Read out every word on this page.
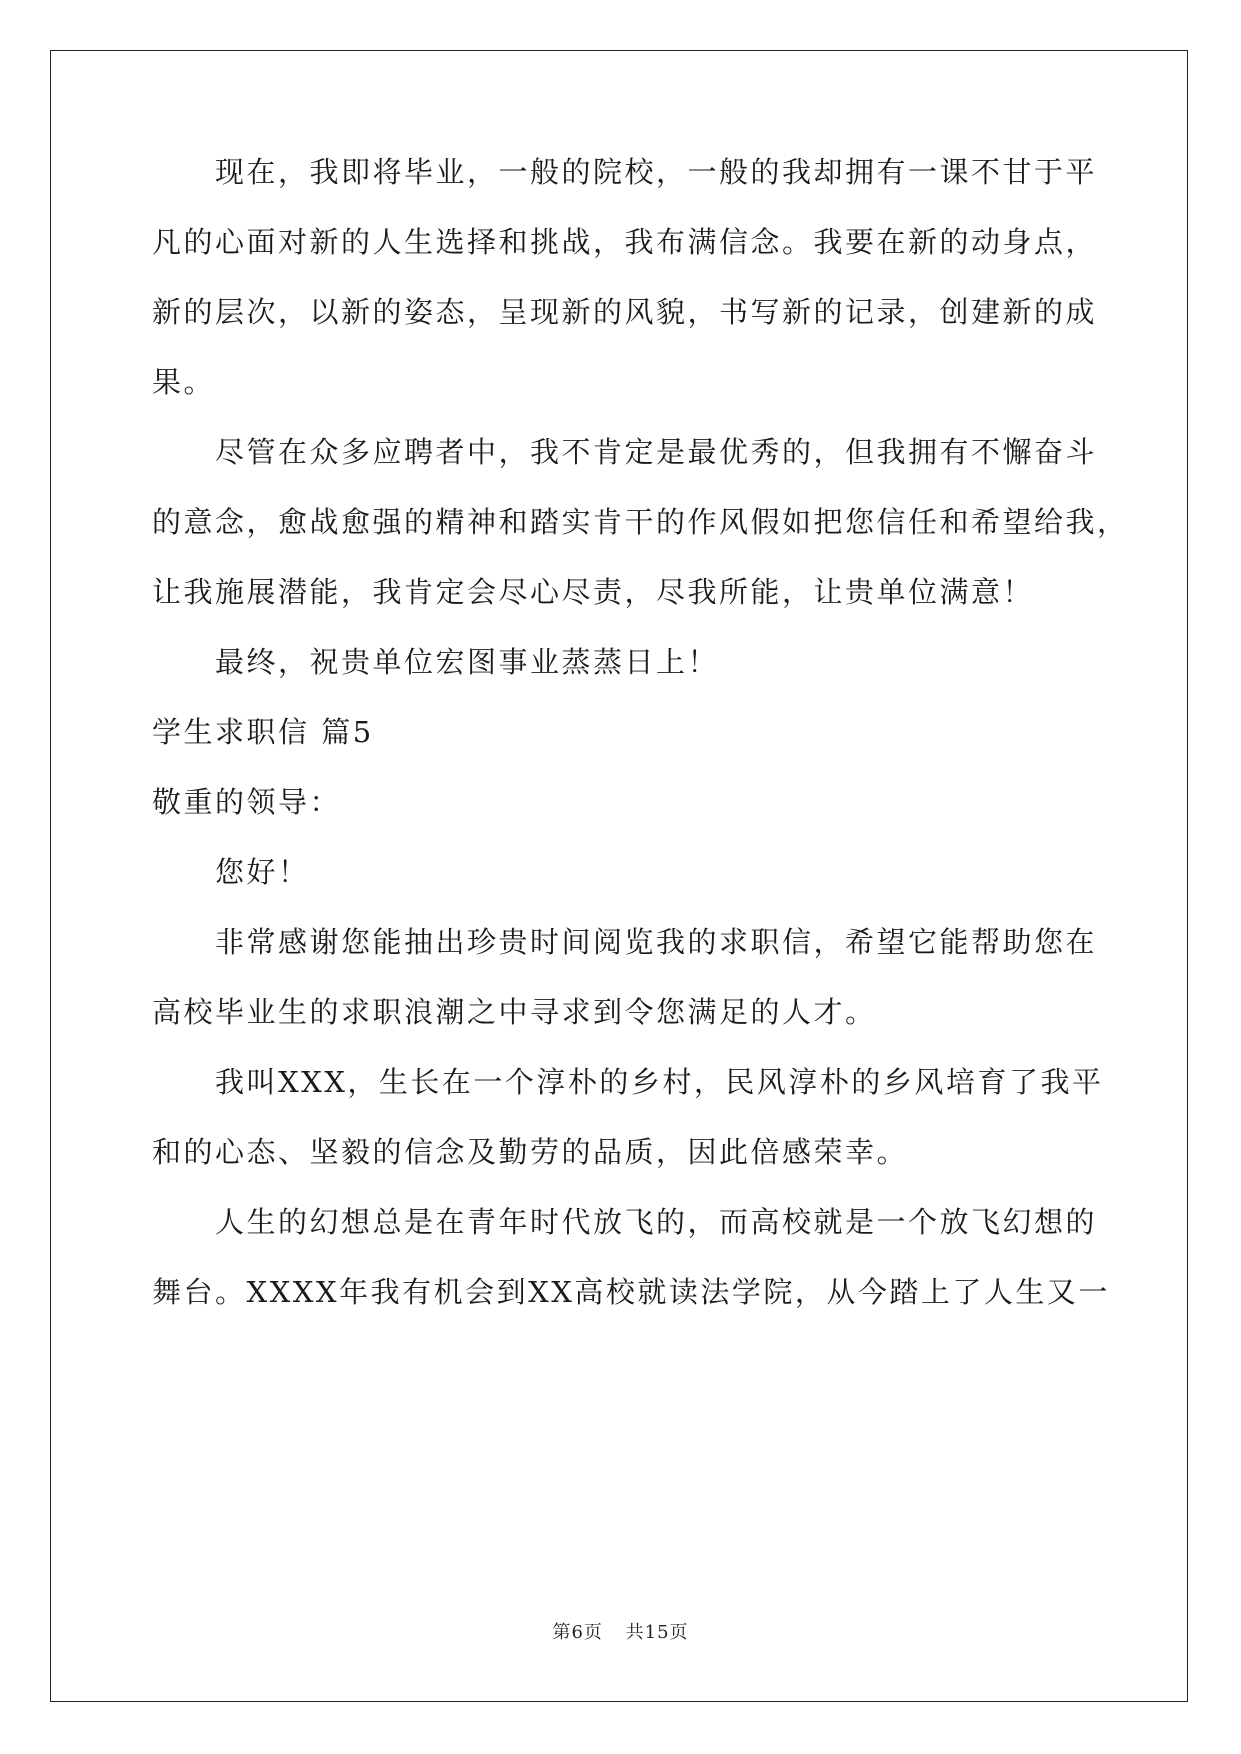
现在，我即将毕业，一般的院校，一般的我却拥有一课不甘于平
凡的心面对新的人生选择和挑战，我布满信念。我要在新的动身点，
新的层次，以新的姿态，呈现新的风貌，书写新的记录，创建新的成
果。
尽管在众多应聘者中，我不肯定是最优秀的，但我拥有不懈奋斗
的意念，愈战愈强的精神和踏实肯干的作风假如把您信任和希望给我，
让我施展潜能，我肯定会尽心尽责，尽我所能，让贵单位满意！
最终，祝贵单位宏图事业蒸蒸日上！
学生求职信 篇5
敬重的领导：
您好！
非常感谢您能抽出珍贵时间阅览我的求职信，希望它能帮助您在
高校毕业生的求职浪潮之中寻求到令您满足的人才。
我叫XXX，生长在一个淳朴的乡村，民风淳朴的乡风培育了我平
和的心态、坚毅的信念及勤劳的品质，因此倍感荣幸。
人生的幻想总是在青年时代放飞的，而高校就是一个放飞幻想的
舞台。XXXX年我有机会到XX高校就读法学院，从今踏上了人生又一
第6页 共15页
